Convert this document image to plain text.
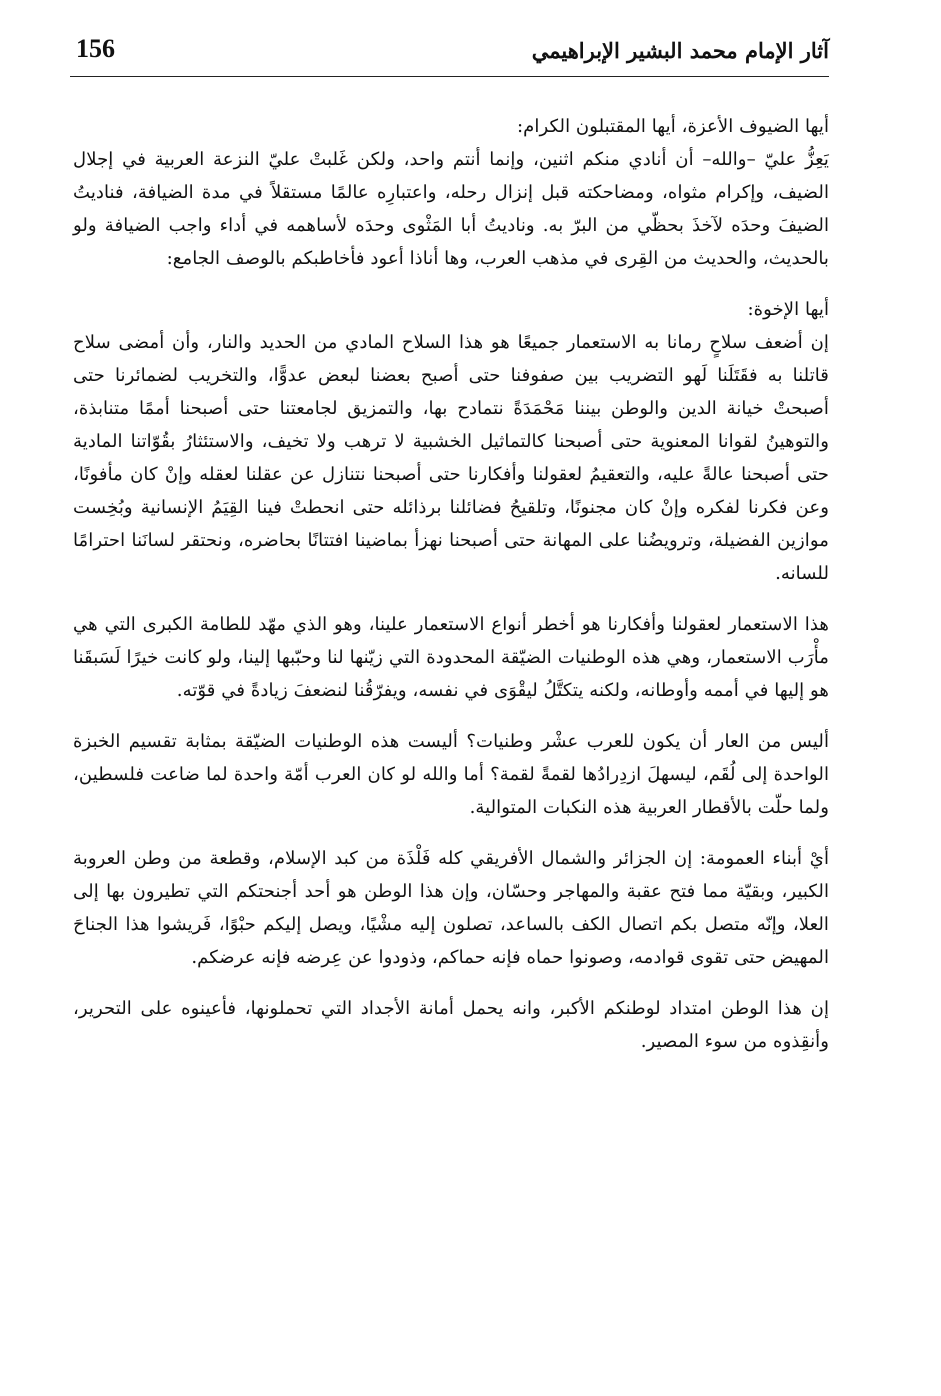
156	آثار الإمام محمد البشير الإبراهيمي

أيها الضيوف الأعزة، أيها المقتبلون الكرام:

يَعِزُّ عليّ –والله– أن أنادي منكم اثنين، وإنما أنتم واحد، ولكن غَلبتْ عليّ النزعة العربية في إجلال الضيف، وإكرام مثواه، ومضاحكته قبل إنزال رحله، واعتبارِه عالمًا مستقلاً في مدة الضيافة، فناديتُ الضيفَ وحدَه لآخذَ بحظّي من البرّ به. وناديتُ أبا المَثْوى وحدَه لأساهمه في أداء واجب الضيافة ولو بالحديث، والحديث من القِرى في مذهب العرب، وها أناذا أعود فأخاطبكم بالوصف الجامع:

أيها الإخوة:

إن أضعف سلاحٍ رمانا به الاستعمار جميعًا هو هذا السلاح المادي من الحديد والنار، وأن أمضى سلاح قاتلنا به فقَتَلَنا لَهو التضريب بين صفوفنا حتى أصبح بعضنا لبعض عدوًّا، والتخريب لضمائرنا حتى أصبحتْ خيانة الدين والوطن بيننا مَحْمَدَةً نتمادح بها، والتمزيق لجامعتنا حتى أصبحنا أممًا متنابذة، والتوهينُ لقوانا المعنوية حتى أصبحنا كالتماثيل الخشبية لا ترهب ولا تخيف، والاستئثارُ بقُوّاتنا المادية حتى أصبحنا عالةً عليه، والتعقيمُ لعقولنا وأفكارنا حتى أصبحنا نتنازل عن عقلنا لعقله وإنْ كان مأفونًا، وعن فكرنا لفكره وإنْ كان مجنونًا، وتلقيحُ فضائلنا برذائله حتى انحطتْ فينا القِيَمُ الإنسانية وبُخِست موازين الفضيلة، وترويضُنا على المهانة حتى أصبحنا نهزأ بماضينا افتتانًا بحاضره، ونحتقر لسانَنا احترامًا للسانه.

هذا الاستعمار لعقولنا وأفكارنا هو أخطر أنواع الاستعمار علينا، وهو الذي مهّد للطامة الكبرى التي هي مأْرَب الاستعمار، وهي هذه الوطنيات الضيّقة المحدودة التي زيّنها لنا وحبّبها إلينا، ولو كانت خيرًا لَسَبقَنا هو إليها في أممه وأوطانه، ولكنه يتكتَّلُ ليقْوَى في نفسه، ويفرّقُنا لنضعفَ زيادةً في قوّته.

أليس من العار أن يكون للعرب عشْر وطنيات؟ أليست هذه الوطنيات الضيّقة بمثابة تقسيم الخبزة الواحدة إلى لُقَم، ليسهلَ ازدِرادُها لقمةً لقمة؟ أما والله لو كان العرب أمّة واحدة لما ضاعت فلسطين، ولما حلّت بالأقطار العربية هذه النكبات المتوالية.

أيْ أبناء العمومة: إن الجزائر والشمال الأفريقي كله فَلْذَة من كبد الإسلام، وقطعة من وطن العروبة الكبير، وبقيّة مما فتح عقبة والمهاجر وحسّان، وإن هذا الوطن هو أحد أجنحتكم التي تطيرون بها إلى العلا، وإنّه متصل بكم اتصال الكف بالساعد، تصلون إليه مشْيًا، ويصل إليكم حبْوًا، فَريشوا هذا الجناحَ المهيض حتى تقوى قوادمه، وصونوا حماه فإنه حماكم، وذودوا عن عِرضه فإنه عرضكم.

إن هذا الوطن امتداد لوطنكم الأكبر، وانه يحمل أمانة الأجداد التي تحملونها، فأعينوه على التحرير، وأنقِذوه من سوء المصير.
